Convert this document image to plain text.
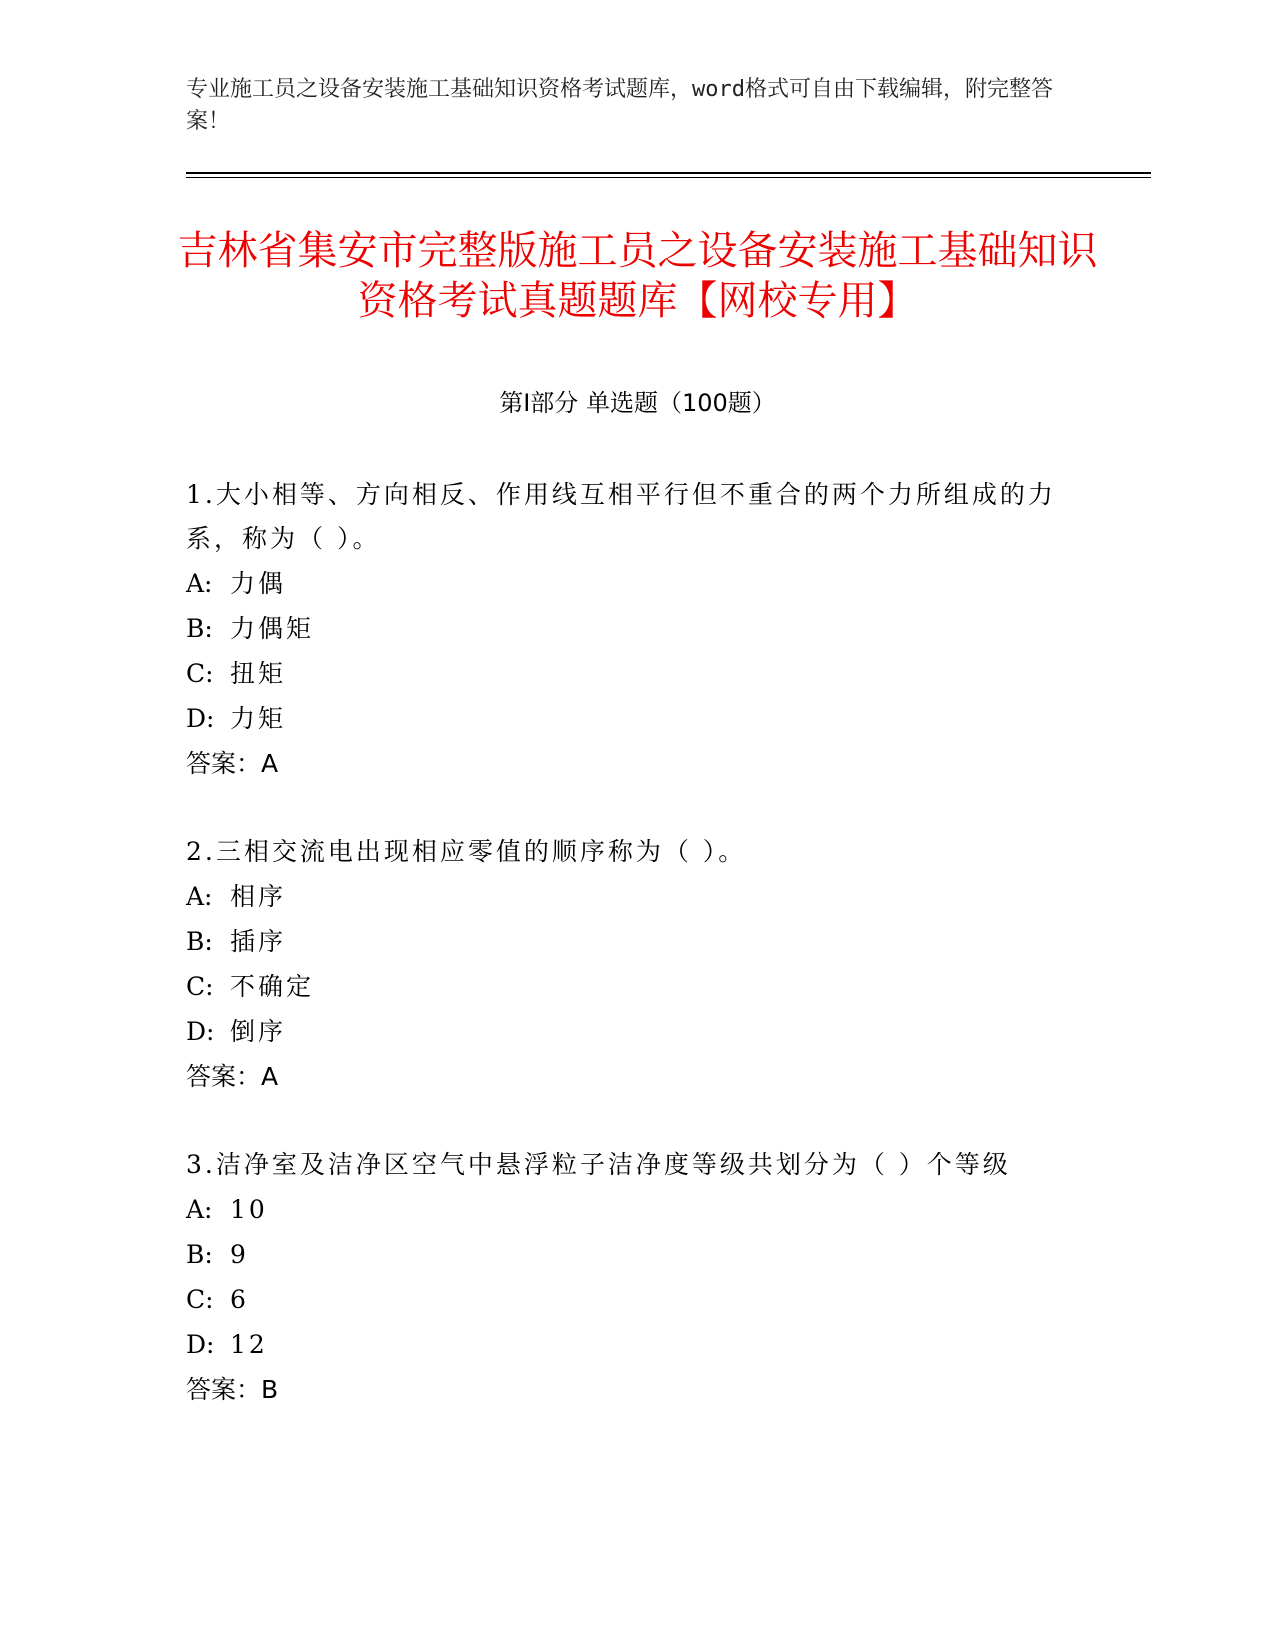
专业施工员之设备安装施工基础知识资格考试题库，word格式可自由下载编辑，附完整答案！
吉林省集安市完整版施工员之设备安装施工基础知识资格考试真题题库【网校专用】
第I部分 单选题（100题）

1.大小相等、方向相反、作用线互相平行但不重合的两个力所组成的力系，称为（ ）。

A: 力偶

B: 力偶矩

C: 扭矩

D: 力矩

答案：A

2.三相交流电出现相应零值的顺序称为（ ）。

A: 相序

B: 插序

C: 不确定

D: 倒序

答案：A

3.洁净室及洁净区空气中悬浮粒子洁净度等级共划分为（ ）个等级

A: 10

B: 9

C: 6

D: 12

答案：B
